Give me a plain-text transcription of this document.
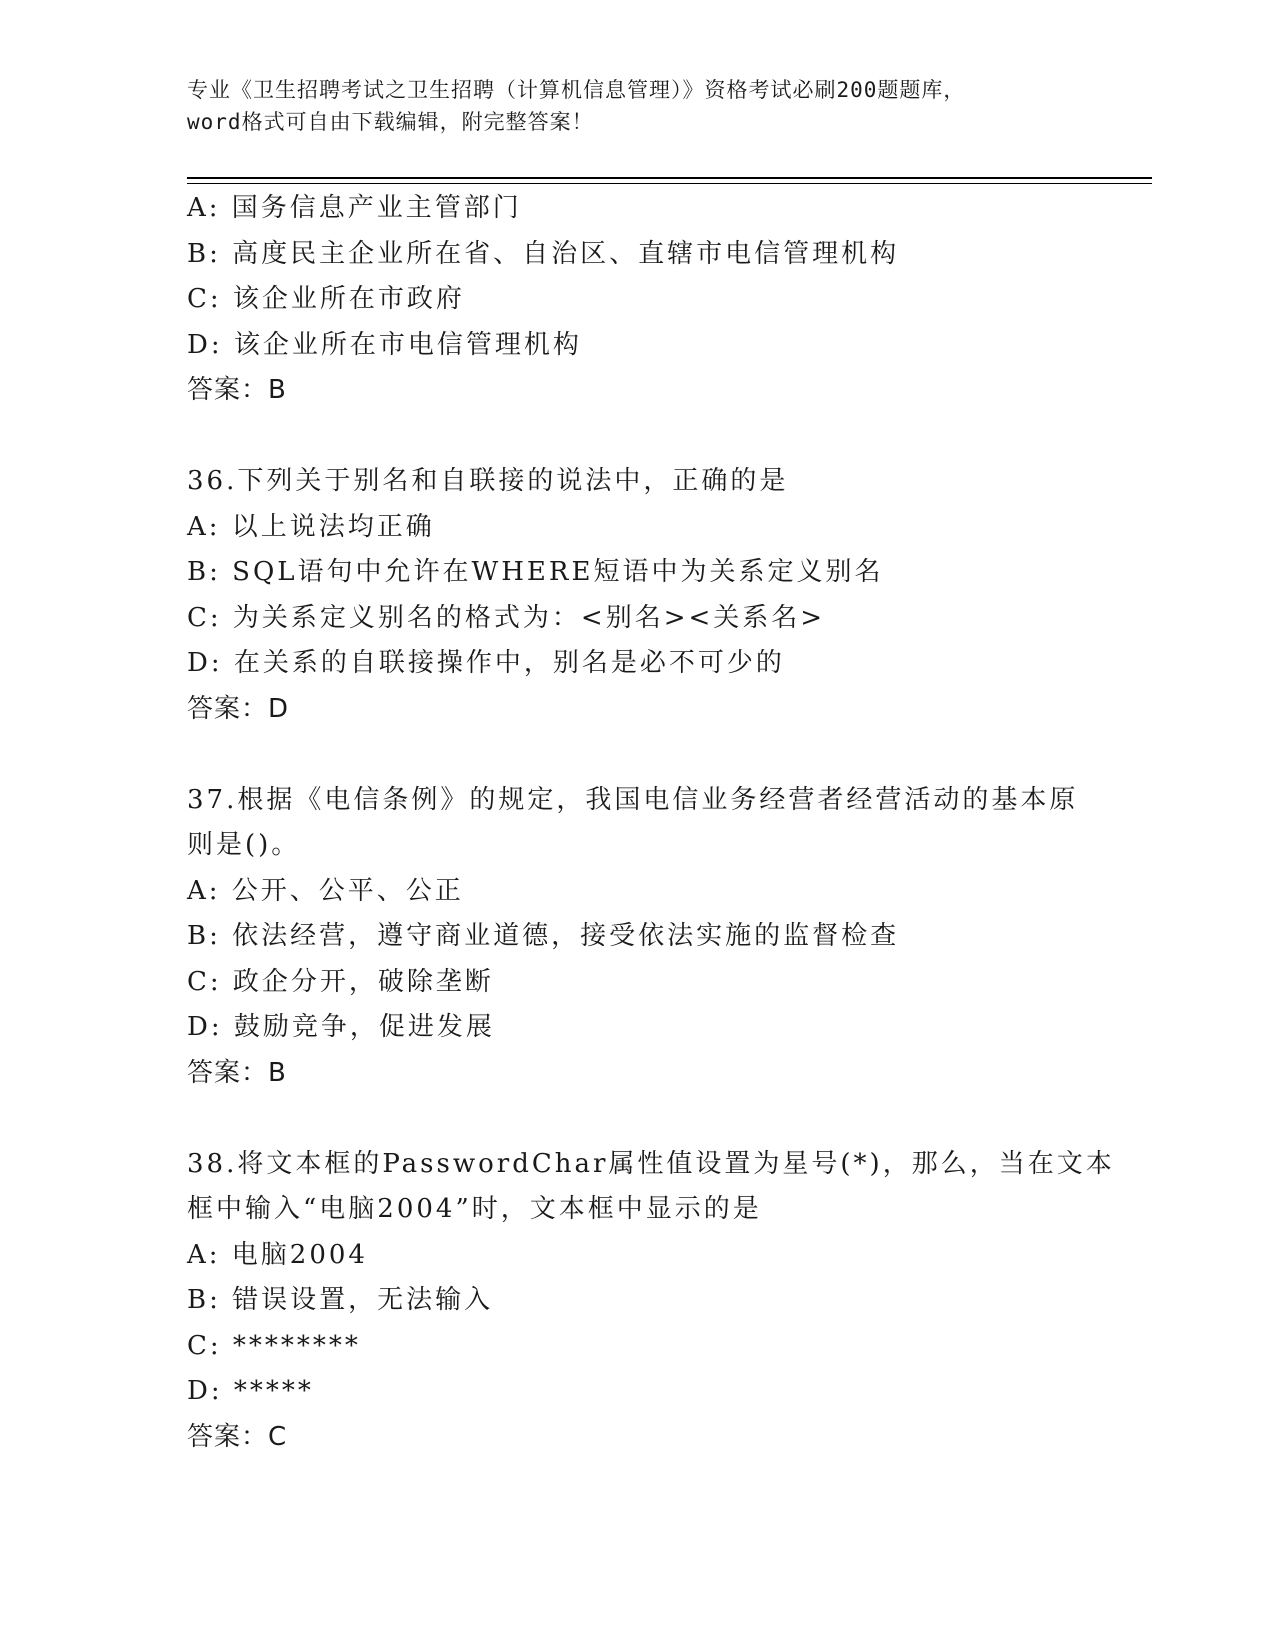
专业《卫生招聘考试之卫生招聘（计算机信息管理）》资格考试必刷200题题库，
word格式可自由下载编辑，附完整答案！
A: 国务信息产业主管部门
B: 高度民主企业所在省、自治区、直辖市电信管理机构
C: 该企业所在市政府
D: 该企业所在市电信管理机构
答案：B
36.下列关于别名和自联接的说法中，正确的是
A: 以上说法均正确
B: SQL语句中允许在WHERE短语中为关系定义别名
C: 为关系定义别名的格式为：<别名><关系名>
D: 在关系的自联接操作中，别名是必不可少的
答案：D
37.根据《电信条例》的规定，我国电信业务经营者经营活动的基本原
则是()。
A: 公开、公平、公正
B: 依法经营，遵守商业道德，接受依法实施的监督检查
C: 政企分开，破除垄断
D: 鼓励竞争，促进发展
答案：B
38.将文本框的PasswordChar属性值设置为星号(*)，那么，当在文本
框中输入“电脑2004”时，文本框中显示的是
A: 电脑2004
B: 错误设置，无法输入
C: ********
D: *****
答案：C
